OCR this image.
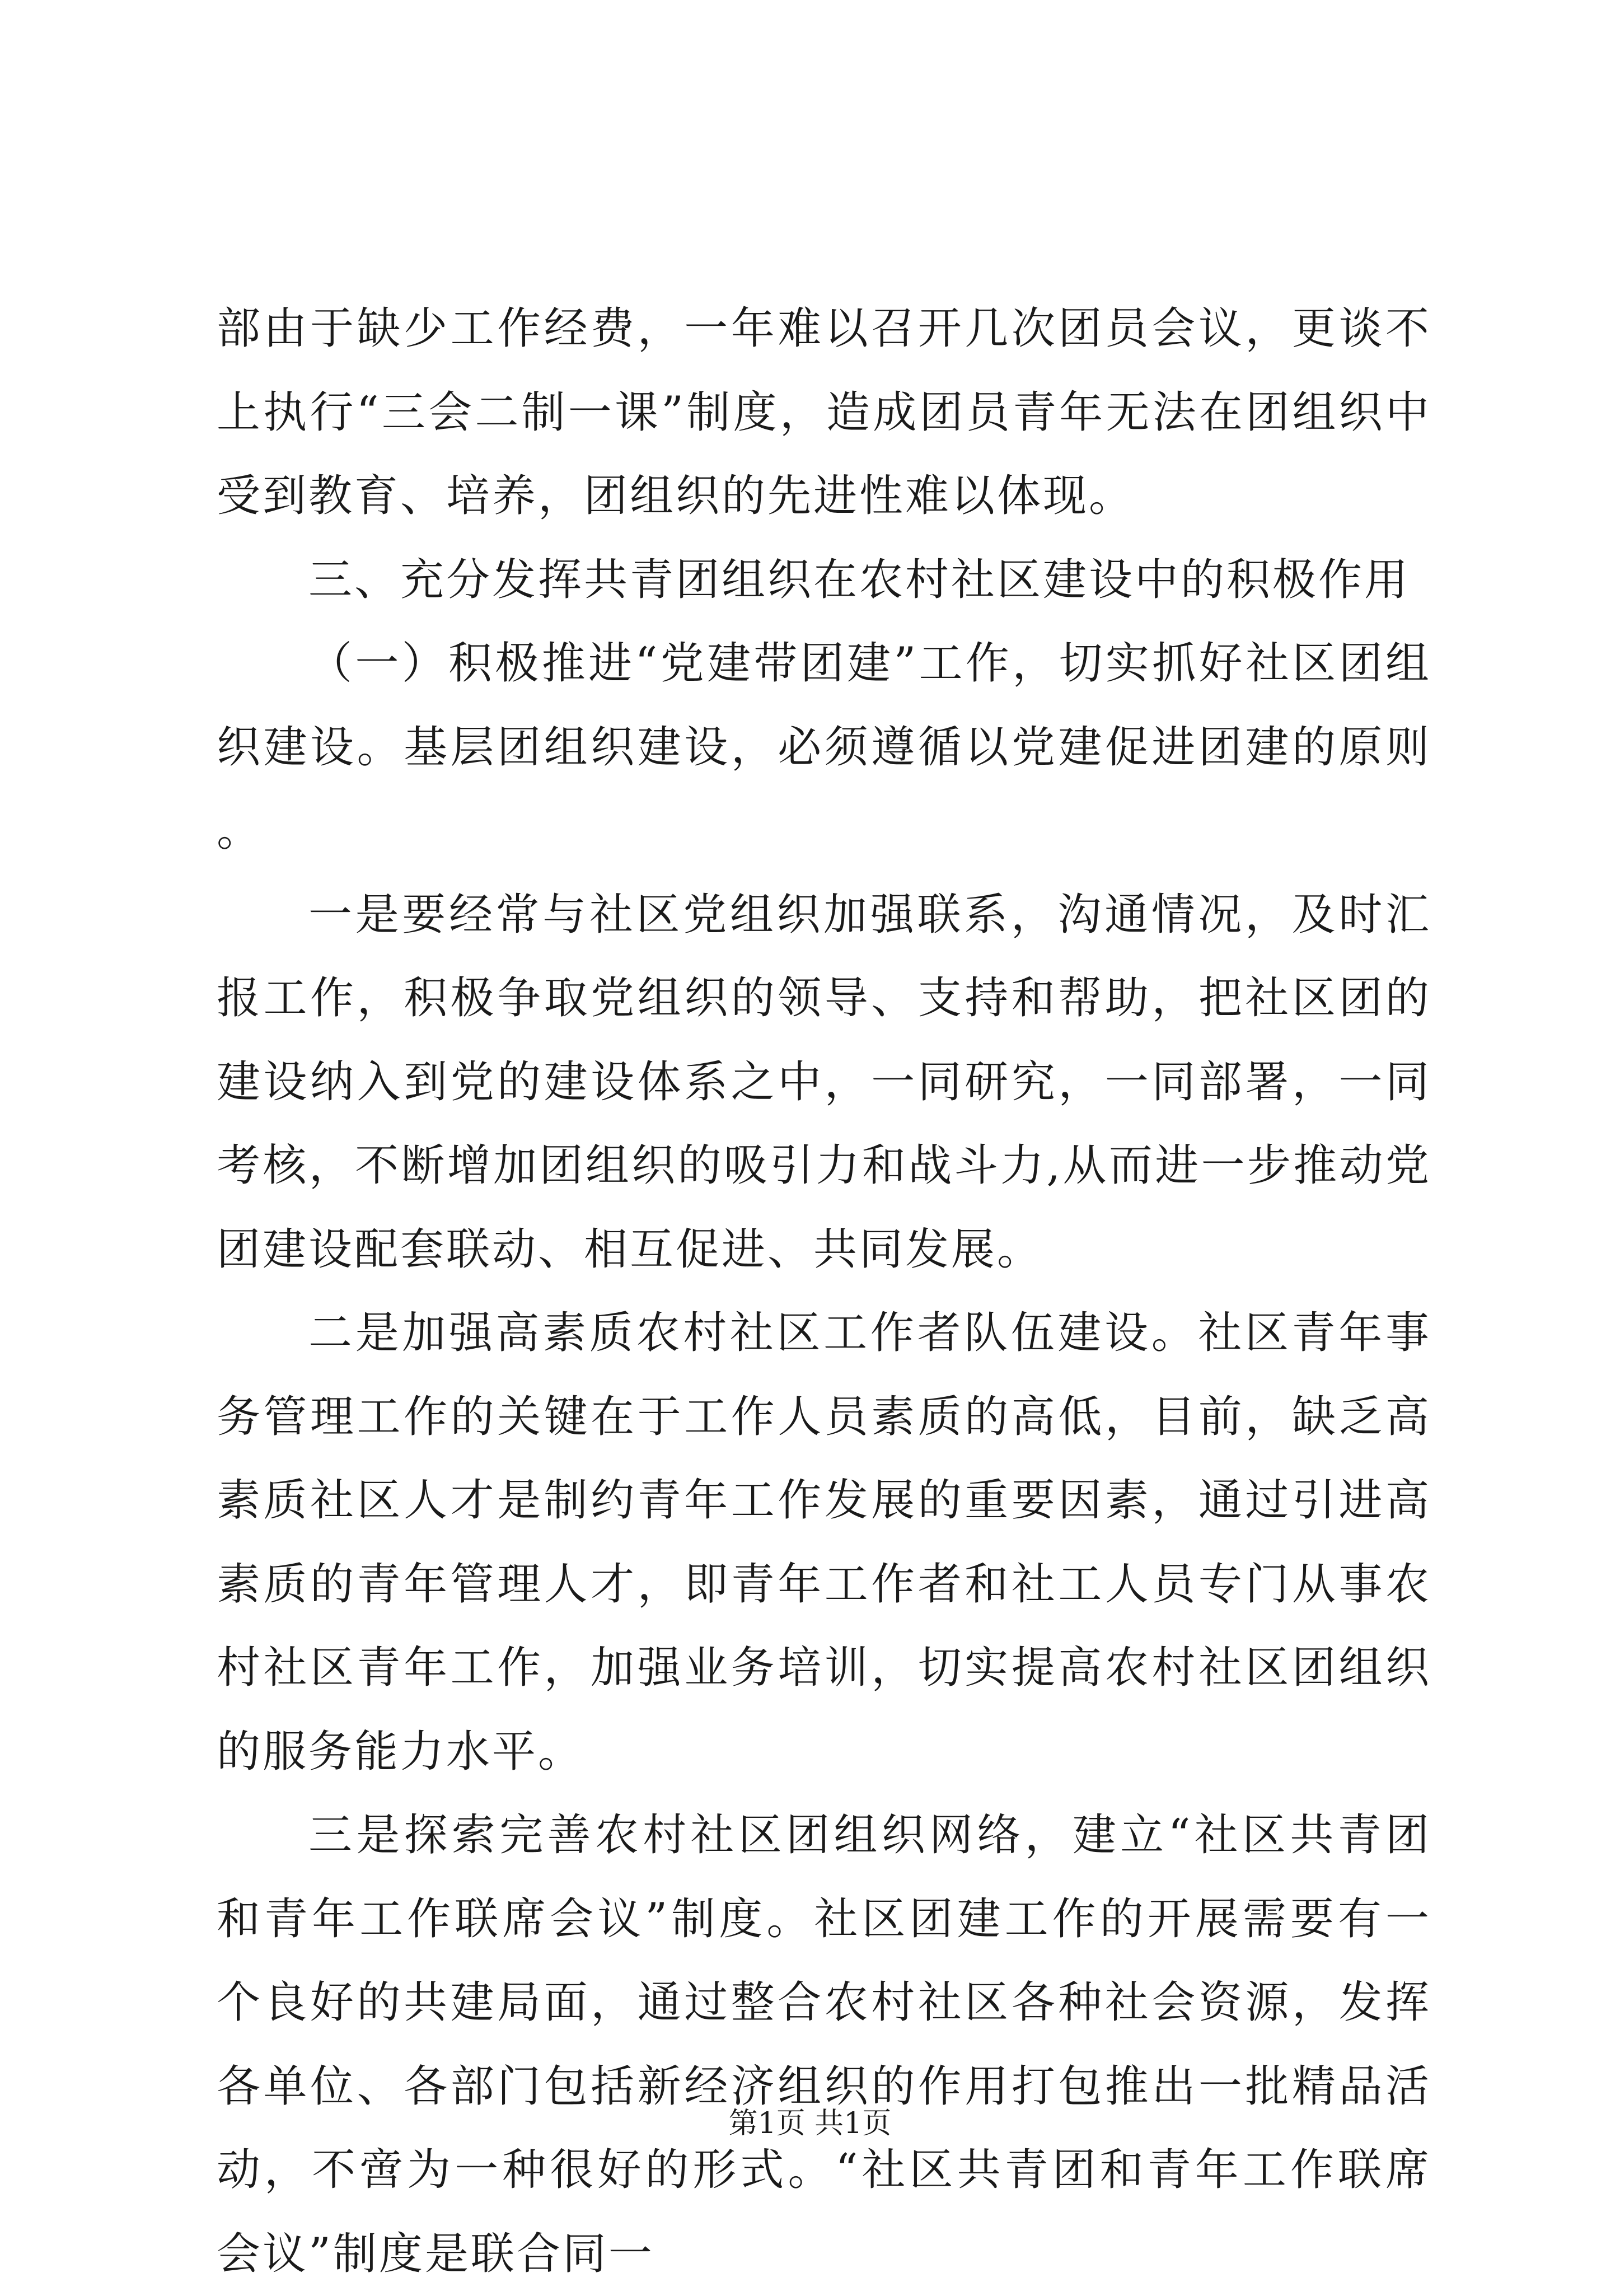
部由于缺少工作经费，一年难以召开几次团员会议，更谈不上执行“三会二制一课”制度，造成团员青年无法在团组织中受到教育、培养，团组织的先进性难以体现。

三、充分发挥共青团组织在农村社区建设中的积极作用

（一）积极推进“党建带团建”工作，切实抓好社区团组织建设。基层团组织建设，必须遵循以党建促进团建的原则。

一是要经常与社区党组织加强联系，沟通情况，及时汇报工作，积极争取党组织的领导、支持和帮助，把社区团的建设纳入到党的建设体系之中，一同研究，一同部署，一同考核，不断增加团组织的吸引力和战斗力,从而进一步推动党团建设配套联动、相互促进、共同发展。

二是加强高素质农村社区工作者队伍建设。社区青年事务管理工作的关键在于工作人员素质的高低，目前，缺乏高素质社区人才是制约青年工作发展的重要因素，通过引进高素质的青年管理人才，即青年工作者和社工人员专门从事农村社区青年工作，加强业务培训，切实提高农村社区团组织的服务能力水平。

三是探索完善农村社区团组织网络，建立“社区共青团和青年工作联席会议”制度。社区团建工作的开展需要有一个良好的共建局面，通过整合农村社区各种社会资源，发挥各单位、各部门包括新经济组织的作用打包推出一批精品活动，不啻为一种很好的形式。“社区共青团和青年工作联席会议”制度是联合同一

第1页 共1页
